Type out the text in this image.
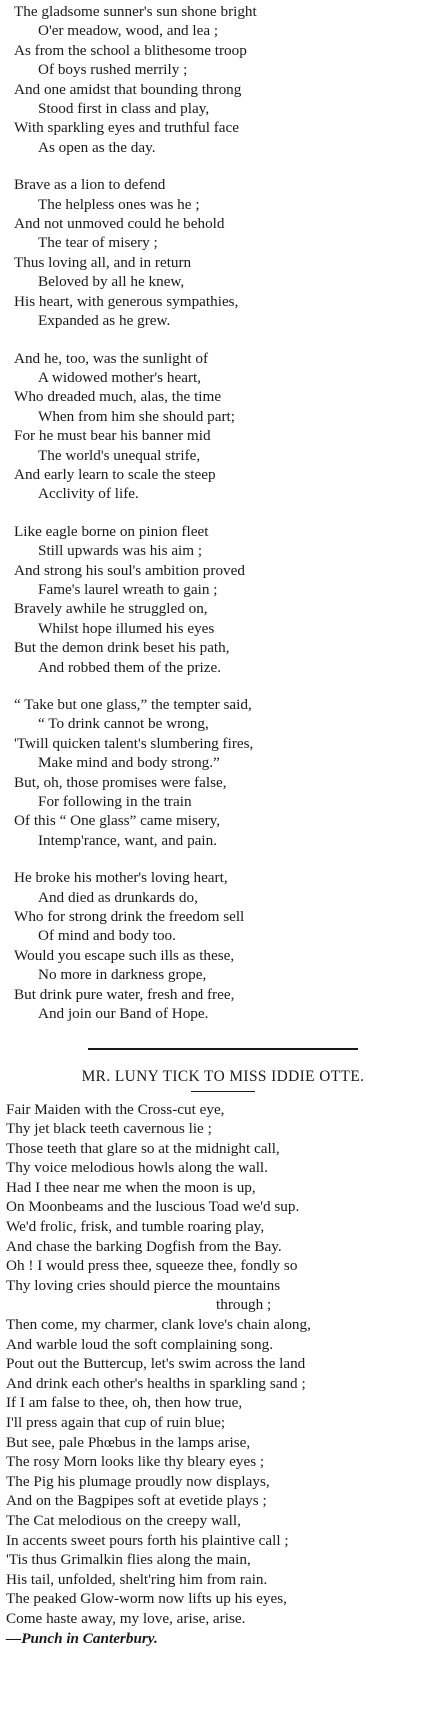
The gladsome sunner's sun shone bright
O'er meadow, wood, and lea ;
As from the school a blithesome troop
Of boys rushed merrily ;
And one amidst that bounding throng
Stood first in class and play,
With sparkling eyes and truthful face
As open as the day.
Brave as a lion to defend
The helpless ones was he ;
And not unmoved could he behold
The tear of misery ;
Thus loving all, and in return
Beloved by all he knew,
His heart, with generous sympathies,
Expanded as he grew.
And he, too, was the sunlight of
A widowed mother's heart,
Who dreaded much, alas, the time
When from him she should part;
For he must bear his banner mid
The world's unequal strife,
And early learn to scale the steep
Acclivity of life.
Like eagle borne on pinion fleet
Still upwards was his aim ;
And strong his soul's ambition proved
Fame's laurel wreath to gain ;
Bravely awhile he struggled on,
Whilst hope illumed his eyes
But the demon drink beset his path,
And robbed them of the prize.
“ Take but one glass,” the tempter said,
“ To drink cannot be wrong,
'Twill quicken talent's slumbering fires,
Make mind and body strong.”
But, oh, those promises were false,
For following in the train
Of this “ One glass” came misery,
Intemp'rance, want, and pain.
He broke his mother's loving heart,
And died as drunkards do,
Who for strong drink the freedom sell
Of mind and body too.
Would you escape such ills as these,
No more in darkness grope,
But drink pure water, fresh and free,
And join our Band of Hope.
MR. LUNY TICK TO MISS IDDIE OTTE.
Fair Maiden with the Cross-cut eye,
Thy jet black teeth cavernous lie ;
Those teeth that glare so at the midnight call,
Thy voice melodious howls along the wall.
Had I thee near me when the moon is up,
On Moonbeams and the luscious Toad we'd sup.
We'd frolic, frisk, and tumble roaring play,
And chase the barking Dogfish from the Bay.
Oh ! I would press thee, squeeze thee, fondly so
Thy loving cries should pierce the mountains
through ;
Then come, my charmer, clank love's chain along,
And warble loud the soft complaining song.
Pout out the Buttercup, let's swim across the land
And drink each other's healths in sparkling sand ;
If I am false to thee, oh, then how true,
I'll press again that cup of ruin blue;
But see, pale Phœbus in the lamps arise,
The rosy Morn looks like thy bleary eyes ;
The Pig his plumage proudly now displays,
And on the Bagpipes soft at evetide plays ;
The Cat melodious on the creepy wall,
In accents sweet pours forth his plaintive call ;
'Tis thus Grimalkin flies along the main,
His tail, unfolded, shelt'ring him from rain.
The peaked Glow-worm now lifts up his eyes,
Come haste away, my love, arise, arise.
—Punch in Canterbury.
